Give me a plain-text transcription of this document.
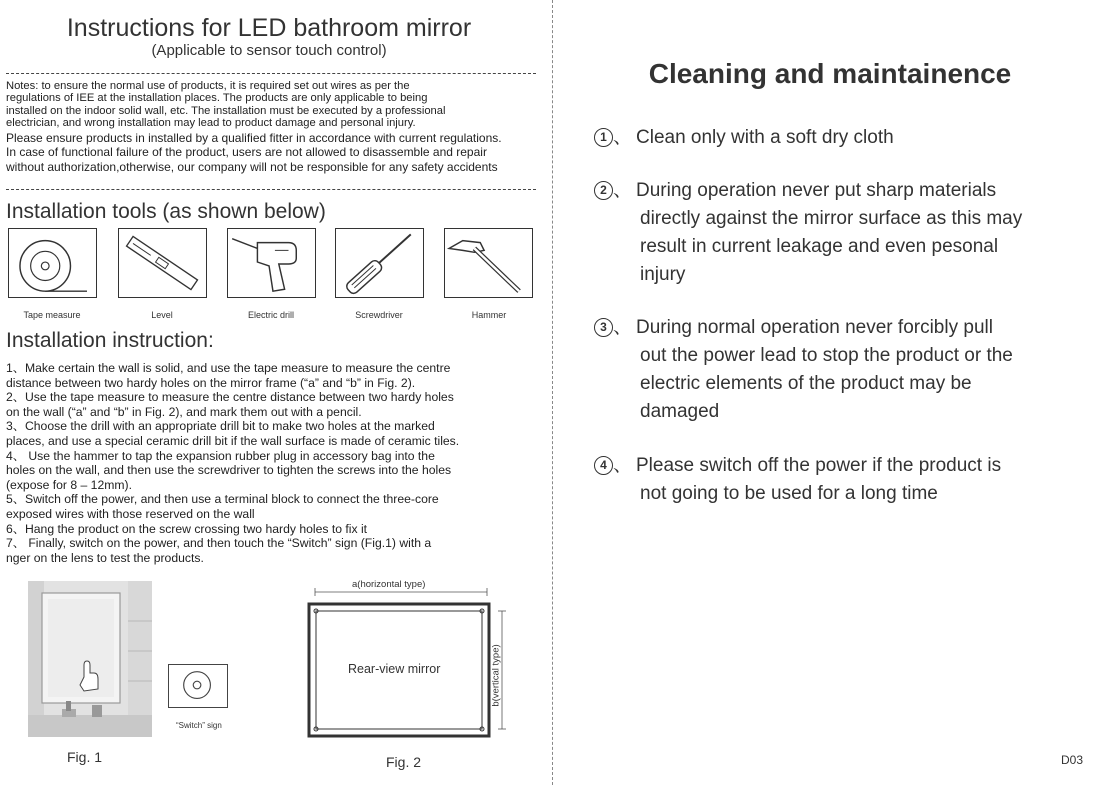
Instructions for LED bathroom mirror
(Applicable to sensor touch control)

Notes: to ensure the normal use of products, it is required set out wires as per the

regulations of IEE at the installation places. The products are only applicable to being

installed on the indoor solid wall, etc. The installation must be executed by a professional

electrician, and wrong installation may lead to product damage and personal injury.

Please ensure products in installed by a qualified fitter in accordance with current regulations.

In case of functional failure of the product, users are not allowed to disassemble and repair

without authorization,otherwise, our company will not be responsible for any safety accidents

Installation tools (as shown below)
Tape measure	Level	Electric drill	Screwdriver	Hammer
Installation instruction:

1、Make certain the wall is solid, and use the tape measure to measure the centre

distance between two hardy holes on the mirror frame (“a” and “b” in Fig. 2).

2、Use the tape measure to measure the centre distance between two hardy holes

on the wall (“a” and “b” in Fig. 2), and mark them out with a pencil.

3、Choose the drill with an appropriate drill bit to make two holes at the marked

places, and use a special ceramic drill bit if the wall surface is made of ceramic tiles.

4、 Use the hammer to tap the expansion rubber plug in accessory bag into the

holes on the wall, and then use the screwdriver to tighten the screws into the holes

(expose for 8 – 12mm).

5、Switch off the power, and then use a terminal block to connect the three-core

exposed wires with those reserved on the wall

6、Hang the product on the screw crossing two hardy holes to fix it

7、 Finally, switch on the power, and then touch the “Switch” sign (Fig.1) with a

nger on the lens to test the products.

Fig. 1
“Switch” sign
a(horizontal type)
Rear-view mirror	b(vertical type)
Fig. 2
Cleaning and maintainence
1 、 Clean only with a soft dry cloth
2 、 During operation never put sharp materials
directly against the mirror surface as this may
result in current leakage and even pesonal
injury
3 、 During normal operation never forcibly pull
out the power lead to stop the product or the
electric elements of the product may be
damaged
4 、 Please switch off the power if the product is
not going to be used for a long time
D03
